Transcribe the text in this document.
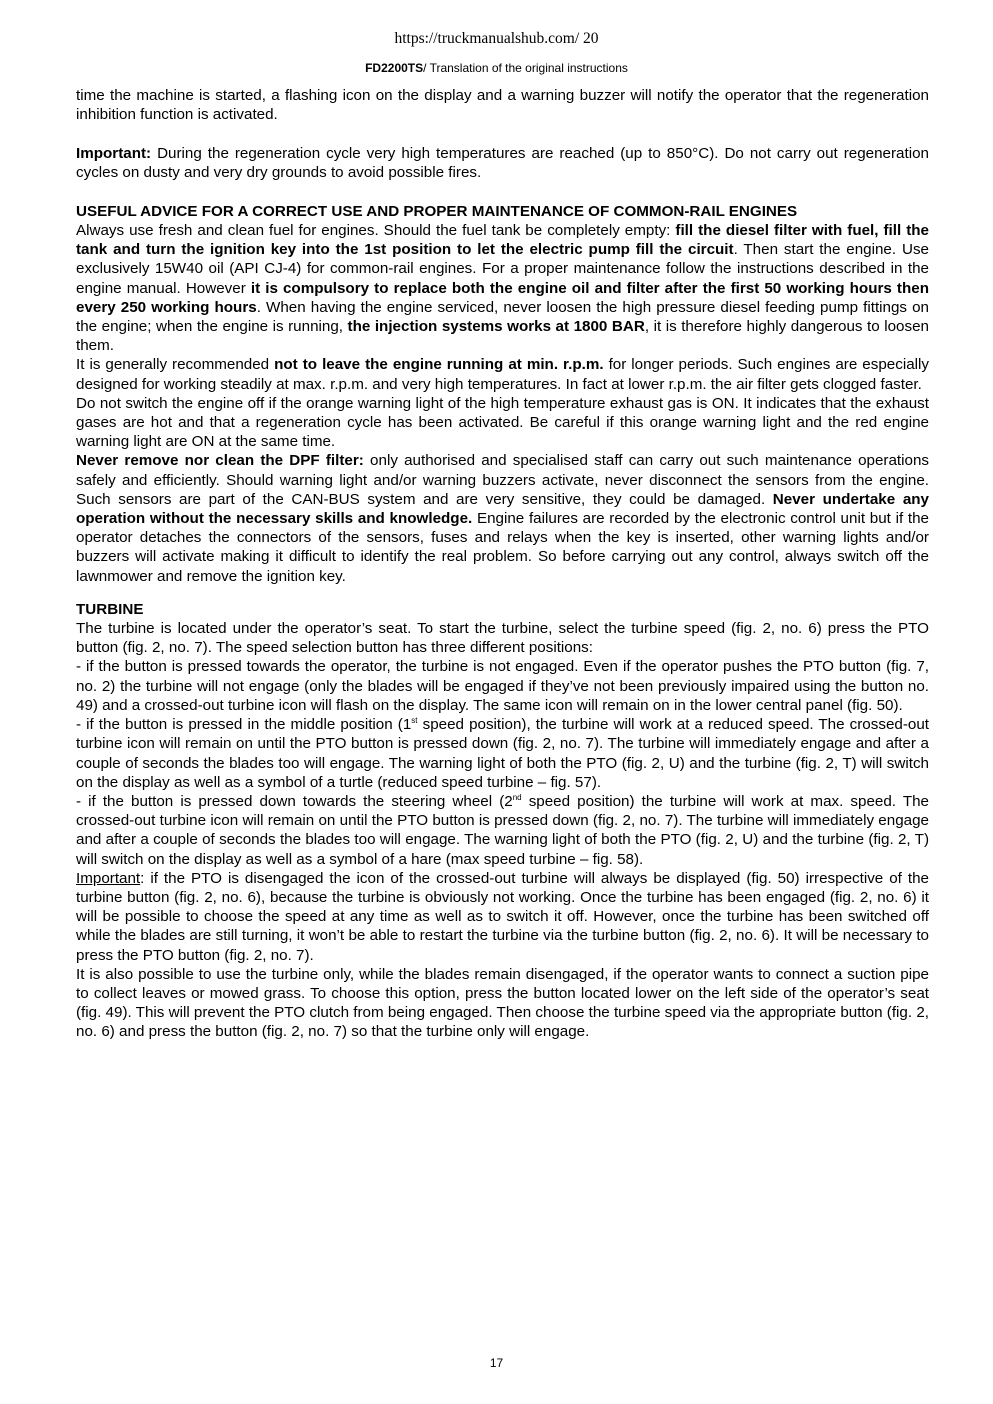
https://truckmanualshub.com/ 20
FD2200TS/ Translation of the original instructions

time the machine is started, a flashing icon on the display and a warning buzzer will notify the operator that the regeneration inhibition function is activated.

Important: During the regeneration cycle very high temperatures are reached (up to 850°C). Do not carry out regeneration cycles on dusty and very dry grounds to avoid possible fires.

USEFUL ADVICE FOR A CORRECT USE AND PROPER MAINTENANCE OF COMMON-RAIL ENGINES

Always use fresh and clean fuel for engines. Should the fuel tank be completely empty: fill the diesel filter with fuel, fill the tank and turn the ignition key into the 1st position to let the electric pump fill the circuit. Then start the engine. Use exclusively 15W40 oil (API CJ-4) for common-rail engines. For a proper maintenance follow the instructions described in the engine manual. However it is compulsory to replace both the engine oil and filter after the first 50 working hours then every 250 working hours. When having the engine serviced, never loosen the high pressure diesel feeding pump fittings on the engine; when the engine is running, the injection systems works at 1800 BAR, it is therefore highly dangerous to loosen them.

It is generally recommended not to leave the engine running at min. r.p.m. for longer periods. Such engines are especially designed for working steadily at max. r.p.m. and very high temperatures. In fact at lower r.p.m. the air filter gets clogged faster.

Do not switch the engine off if the orange warning light of the high temperature exhaust gas is ON. It indicates that the exhaust gases are hot and that a regeneration cycle has been activated. Be careful if this orange warning light and the red engine warning light are ON at the same time.

Never remove nor clean the DPF filter: only authorised and specialised staff can carry out such maintenance operations safely and efficiently. Should warning light and/or warning buzzers activate, never disconnect the sensors from the engine. Such sensors are part of the CAN-BUS system and are very sensitive, they could be damaged. Never undertake any operation without the necessary skills and knowledge. Engine failures are recorded by the electronic control unit but if the operator detaches the connectors of the sensors, fuses and relays when the key is inserted, other warning lights and/or buzzers will activate making it difficult to identify the real problem. So before carrying out any control, always switch off the lawnmower and remove the ignition key.

TURBINE

The turbine is located under the operator’s seat. To start the turbine, select the turbine speed (fig. 2, no. 6) press the PTO button (fig. 2, no. 7). The speed selection button has three different positions:

- if the button is pressed towards the operator, the turbine is not engaged. Even if the operator pushes the PTO button (fig. 7, no. 2) the turbine will not engage (only the blades will be engaged if they’ve not been previously impaired using the button no. 49) and a crossed-out turbine icon will flash on the display. The same icon will remain on in the lower central panel (fig. 50).

- if the button is pressed in the middle position (1st speed position), the turbine will work at a reduced speed. The crossed-out turbine icon will remain on until the PTO button is pressed down (fig. 2, no. 7). The turbine will immediately engage and after a couple of seconds the blades too will engage. The warning light of both the PTO (fig. 2, U) and the turbine (fig. 2, T) will switch on the display as well as a symbol of a turtle (reduced speed turbine – fig. 57).

- if the button is pressed down towards the steering wheel (2nd speed position) the turbine will work at max. speed. The crossed-out turbine icon will remain on until the PTO button is pressed down (fig. 2, no. 7). The turbine will immediately engage and after a couple of seconds the blades too will engage. The warning light of both the PTO (fig. 2, U) and the turbine (fig. 2, T) will switch on the display as well as a symbol of a hare (max speed turbine – fig. 58).

Important: if the PTO is disengaged the icon of the crossed-out turbine will always be displayed (fig. 50) irrespective of the turbine button (fig. 2, no. 6), because the turbine is obviously not working. Once the turbine has been engaged (fig. 2, no. 6) it will be possible to choose the speed at any time as well as to switch it off. However, once the turbine has been switched off while the blades are still turning, it won’t be able to restart the turbine via the turbine button (fig. 2, no. 6). It will be necessary to press the PTO button (fig. 2, no. 7).

It is also possible to use the turbine only, while the blades remain disengaged, if the operator wants to connect a suction pipe to collect leaves or mowed grass. To choose this option, press the button located lower on the left side of the operator’s seat (fig. 49). This will prevent the PTO clutch from being engaged. Then choose the turbine speed via the appropriate button (fig. 2, no. 6) and press the button (fig. 2, no. 7) so that the turbine only will engage.

17
